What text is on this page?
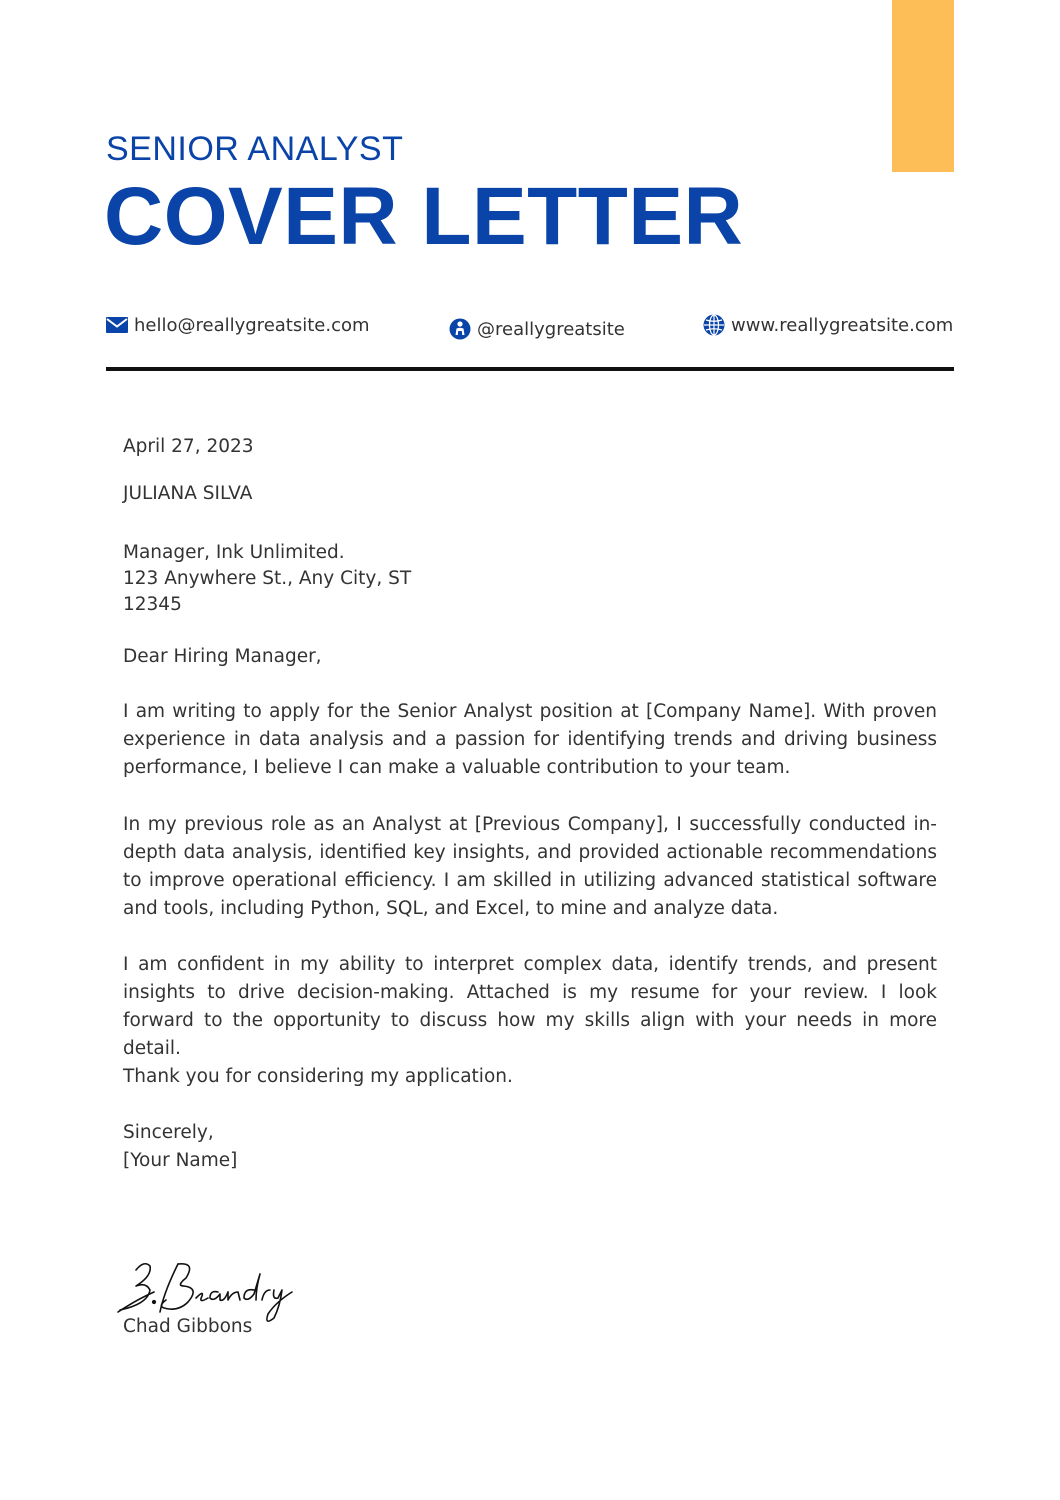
SENIOR ANALYST
COVER LETTER
hello@reallygreatsite.com	@reallygreatsite	www.reallygreatsite.com
April 27, 2023
JULIANA SILVA

Manager, Ink Unlimited.

123 Anywhere St., Any City, ST

12345

Dear Hiring Manager,

I am writing to apply for the Senior Analyst position at [Company Name]. With proven experience in data analysis and a passion for identifying trends and driving business performance, I believe I can make a valuable contribution to your team.

In my previous role as an Analyst at [Previous Company], I successfully conducted in-depth data analysis, identified key insights, and provided actionable recommendations to improve operational efficiency. I am skilled in utilizing advanced statistical software and tools, including Python, SQL, and Excel, to mine and analyze data.

I am confident in my ability to interpret complex data, identify trends, and present insights to drive decision-making. Attached is my resume for your review. I look forward to the opportunity to discuss how my skills align with your needs in more detail.

Thank you for considering my application.

Sincerely,

[Your Name]

Chad Gibbons
